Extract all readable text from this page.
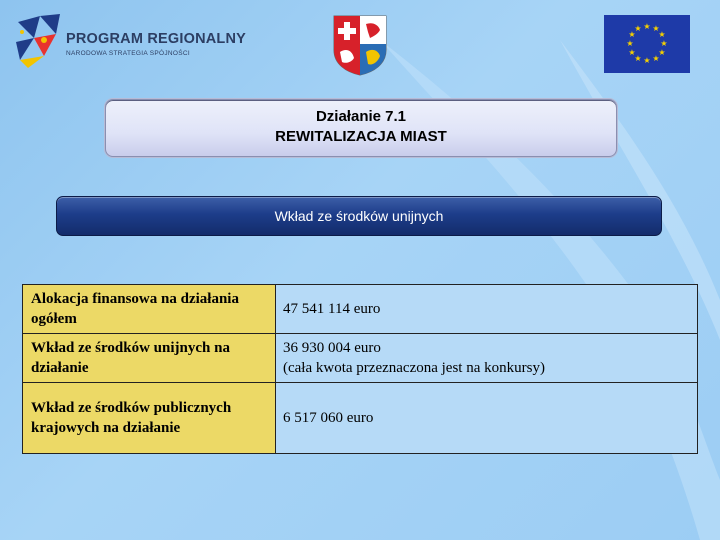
PROGRAM REGIONALNY
NARODOWA STRATEGIA SPÓJNOŚCI
★ ★
★
★
★
★
★
★
★
★
★
★
Działanie 7.1
REWITALIZACJA MIAST
Wkład ze środków unijnych
Alokacja finansowa na działania ogółem	47 541 114 euro

Wkład ze środków unijnych na działanie	36 930 004 euro
(cała kwota przeznaczona jest na konkursy)

Wkład ze środków publicznych krajowych na działanie	6 517 060 euro
